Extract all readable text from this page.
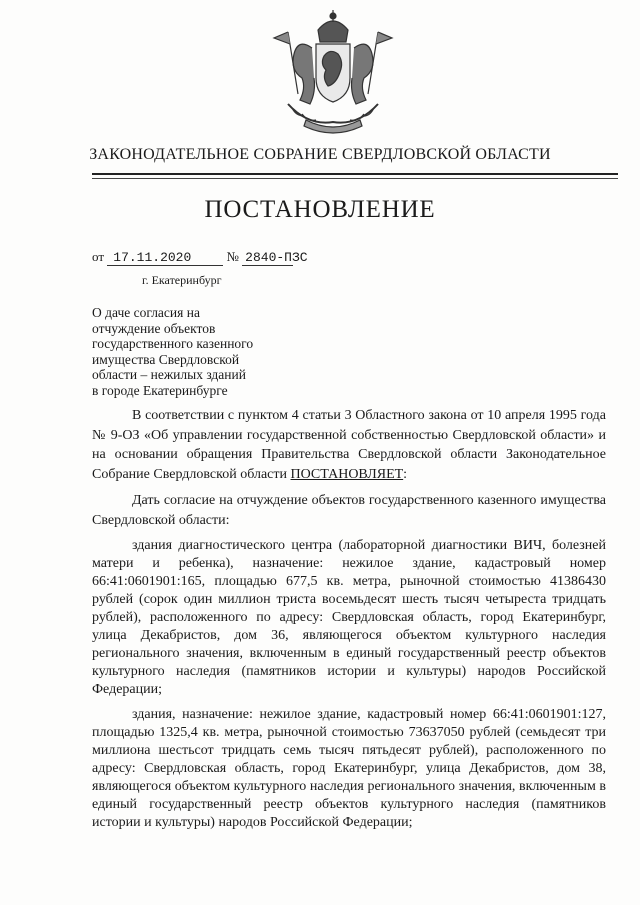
ЗАКОНОДАТЕЛЬНОЕ СОБРАНИЕ СВЕРДЛОВСКОЙ ОБЛАСТИ
ПОСТАНОВЛЕНИЕ
от 17.11.2020	№ 2840-ПЗС
г. Екатеринбург
О даче согласия на
отчуждение объектов
государственного казенного
имущества Свердловской
области – нежилых зданий
в городе Екатеринбурге

В соответствии с пунктом 4 статьи 3 Областного закона от 10 апреля 1995 года № 9-ОЗ «Об управлении государственной собственностью Свердловской области» и на основании обращения Правительства Свердловской области Законодательное Собрание Свердловской области ПОСТАНОВЛЯЕТ:

Дать согласие на отчуждение объектов государственного казенного имущества Свердловской области:

здания диагностического центра (лабораторной диагностики ВИЧ, болезней матери и ребенка), назначение: нежилое здание, кадастровый номер 66:41:0601901:165, площадью 677,5 кв. метра, рыночной стоимостью 41386430 рублей (сорок один миллион триста восемьдесят шесть тысяч четыреста тридцать рублей), расположенного по адресу: Свердловская область, город Екатеринбург, улица Декабристов, дом 36, являющегося объектом культурного наследия регионального значения, включенным в единый государственный реестр объектов культурного наследия (памятников истории и культуры) народов Российской Федерации;

здания, назначение: нежилое здание, кадастровый номер 66:41:0601901:127, площадью 1325,4 кв. метра, рыночной стоимостью 73637050 рублей (семьдесят три миллиона шестьсот тридцать семь тысяч пятьдесят рублей), расположенного по адресу: Свердловская область, город Екатеринбург, улица Декабристов, дом 38, являющегося объектом культурного наследия регионального значения, включенным в единый государственный реестр объектов культурного наследия (памятников истории и культуры) народов Российской Федерации;
